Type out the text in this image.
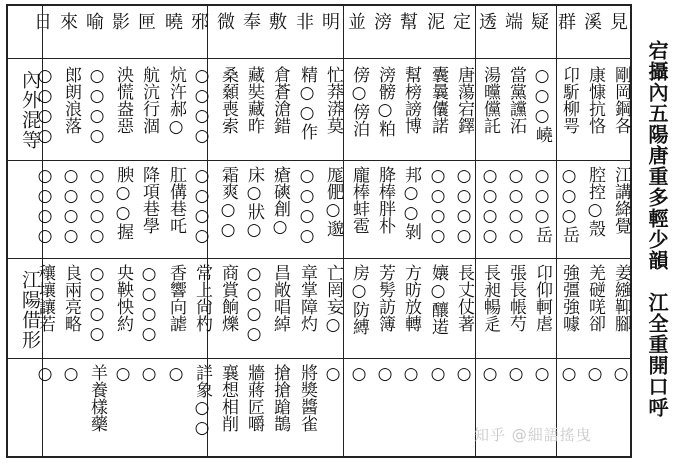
內外混等
江陽借形	宕攝內五陽唐重多輕少韻　江全重開口呼
見
剛岡鋼各
江講絳覺
姜繈䩕腳
○
溪
康慷抗恪
腔控○殼
羌磀唴卻
○
群
卬馸柳咢
○○○岳
強彊強噱
○
疑
○○○嶢
○○○岳
卬仰軻虐
○
端
當黨讜沰
○○○○
張長帳芍
○
透
湯曭儻託
○○○○
長昶暢辵
○
定
唐蕩宕鐸
○○○○
長丈仗著
○
泥
囊曩儾諾
○○○○
孃○釀逽
○
幫
幫榜謗博
邦○○剝
方昉放轉
○
滂
滂髈○粕
胮棒胖朴
芳髣訪簿
○
並
傍○傍泊
龐棒蚌雹
房○防縛
○
明
忙莽漭莫
厖俷○邈
亡罔妄○
○
非
精○○作
○○○○
章掌障灼
將獎醬雀
敷
倉蒼滄錯
瘡磢創○
昌敞唱綽
搶搶蹌鵲
奉
藏奘藏昨
床○狀○
○○○○
牆蔣匠嚼
微
桑顙喪索
霜爽○○
商賞餉爍
襄想相削
邪
○○○○
○○○○
常上尙杓
詳象○○
曉
炕汻郝○
肛傋巷吒
香響向謔
○
匣
航沆行涸
降項巷學
○○○○
○
影
泱慌盎惡
腴○○握
央鞅怏約
○
喻
○○○○
○○○○
○○○○
羊養樣藥
來
郎朗浪落
○○○○
良兩亮略
○
日
○○○○
○○○○
穰壤讓若
○
知乎 @細語搖曳
